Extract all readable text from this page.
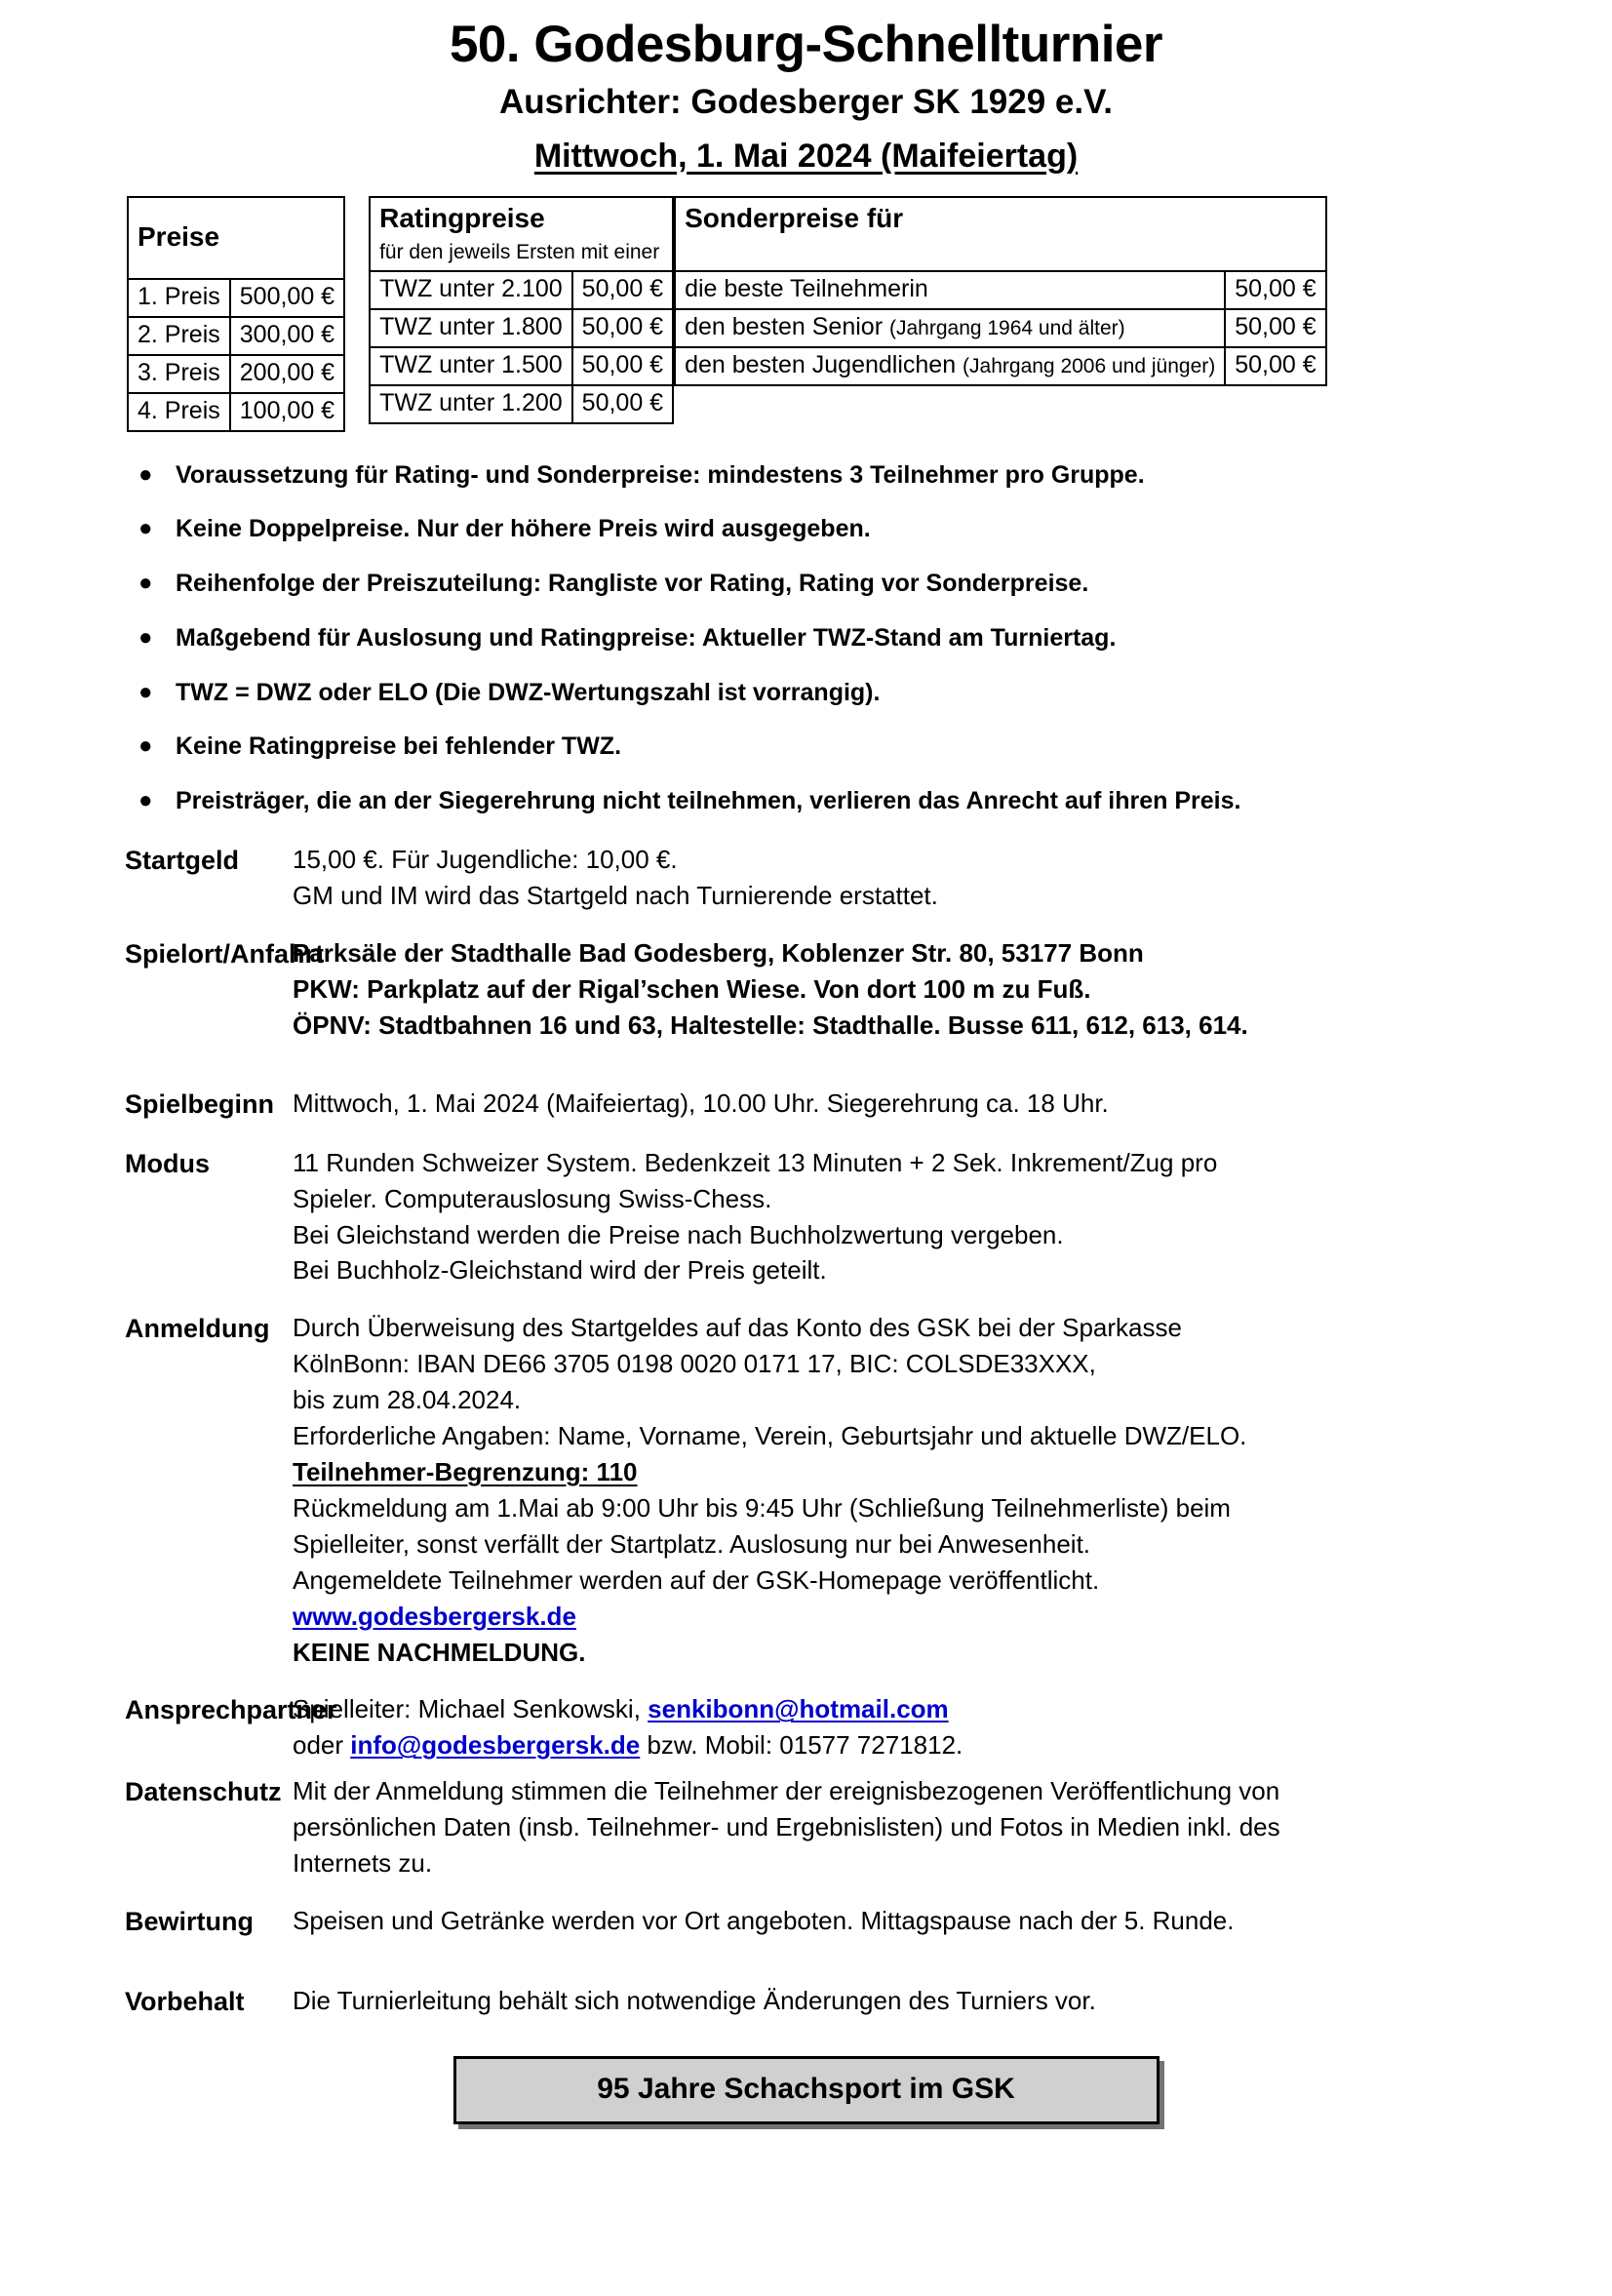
50. Godesburg-Schnellturnier
Ausrichter: Godesberger SK 1929 e.V.
Mittwoch, 1. Mai 2024 (Maifeiertag)
Preise	

1. Preis	500,00 €
2. Preis	300,00 €
3. Preis	200,00 €
4. Preis	100,00 €
Ratingpreise
für den jeweils Ersten mit einer	

TWZ unter 2.100	50,00 €
TWZ unter 1.800	50,00 €
TWZ unter 1.500	50,00 €
TWZ unter 1.200	50,00 €
Sonderpreise für	

die beste Teilnehmerin	50,00 €
den besten Senior (Jahrgang 1964 und älter)	50,00 €
den besten Jugendlichen (Jahrgang 2006 und jünger)	50,00 €
● Voraussetzung für Rating- und Sonderpreise: mindestens 3 Teilnehmer pro Gruppe.
● Keine Doppelpreise. Nur der höhere Preis wird ausgegeben.
● Reihenfolge der Preiszuteilung: Rangliste vor Rating, Rating vor Sonderpreise.
● Maßgebend für Auslosung und Ratingpreise: Aktueller TWZ-Stand am Turniertag.
● TWZ = DWZ oder ELO (Die DWZ-Wertungszahl ist vorrangig).
● Keine Ratingpreise bei fehlender TWZ.
● Preisträger, die an der Siegerehrung nicht teilnehmen, verlieren das Anrecht auf ihren Preis.
Startgeld	15,00 €. Für Jugendliche: 10,00 €.
GM und IM wird das Startgeld nach Turnierende erstattet.
Spielort/Anfahrt
Parksäle der Stadthalle Bad Godesberg, Koblenzer Str. 80, 53177 Bonn
PKW: Parkplatz auf der Rigal’schen Wiese. Von dort 100 m zu Fuß.
ÖPNV: Stadtbahnen 16 und 63, Haltestelle: Stadthalle. Busse 611, 612, 613, 614.
Spielbeginn Mittwoch, 1. Mai 2024 (Maifeiertag), 10.00 Uhr. Siegerehrung ca. 18 Uhr.
Modus	11 Runden Schweizer System. Bedenkzeit 13 Minuten + 2 Sek. Inkrement/Zug pro
Spieler. Computerauslosung Swiss-Chess.
Bei Gleichstand werden die Preise nach Buchholzwertung vergeben.
Bei Buchholz-Gleichstand wird der Preis geteilt.
Anmeldung Durch Überweisung des Startgeldes auf das Konto des GSK bei der Sparkasse
KölnBonn: IBAN DE66 3705 0198 0020 0171 17, BIC: COLSDE33XXX,
bis zum 28.04.2024.
Erforderliche Angaben: Name, Vorname, Verein, Geburtsjahr und aktuelle DWZ/ELO.
Teilnehmer-Begrenzung: 110
Rückmeldung am 1.Mai ab 9:00 Uhr bis 9:45 Uhr (Schließung Teilnehmerliste) beim
Spielleiter, sonst verfällt der Startplatz. Auslosung nur bei Anwesenheit.
Angemeldete Teilnehmer werden auf der GSK-Homepage veröffentlicht.
www.godesbergersk.de
KEINE NACHMELDUNG.
Ansprechpartner
Spielleiter: Michael Senkowski, senkibonn@hotmail.com
oder info@godesbergersk.de bzw. Mobil: 01577 7271812.
Datenschutz Mit der Anmeldung stimmen die Teilnehmer der ereignisbezogenen Veröffentlichung von
persönlichen Daten (insb. Teilnehmer- und Ergebnislisten) und Fotos in Medien inkl. des
Internets zu.
Bewirtung	Speisen und Getränke werden vor Ort angeboten. Mittagspause nach der 5. Runde.
Vorbehalt	Die Turnierleitung behält sich notwendige Änderungen des Turniers vor.
95 Jahre Schachsport im GSK
